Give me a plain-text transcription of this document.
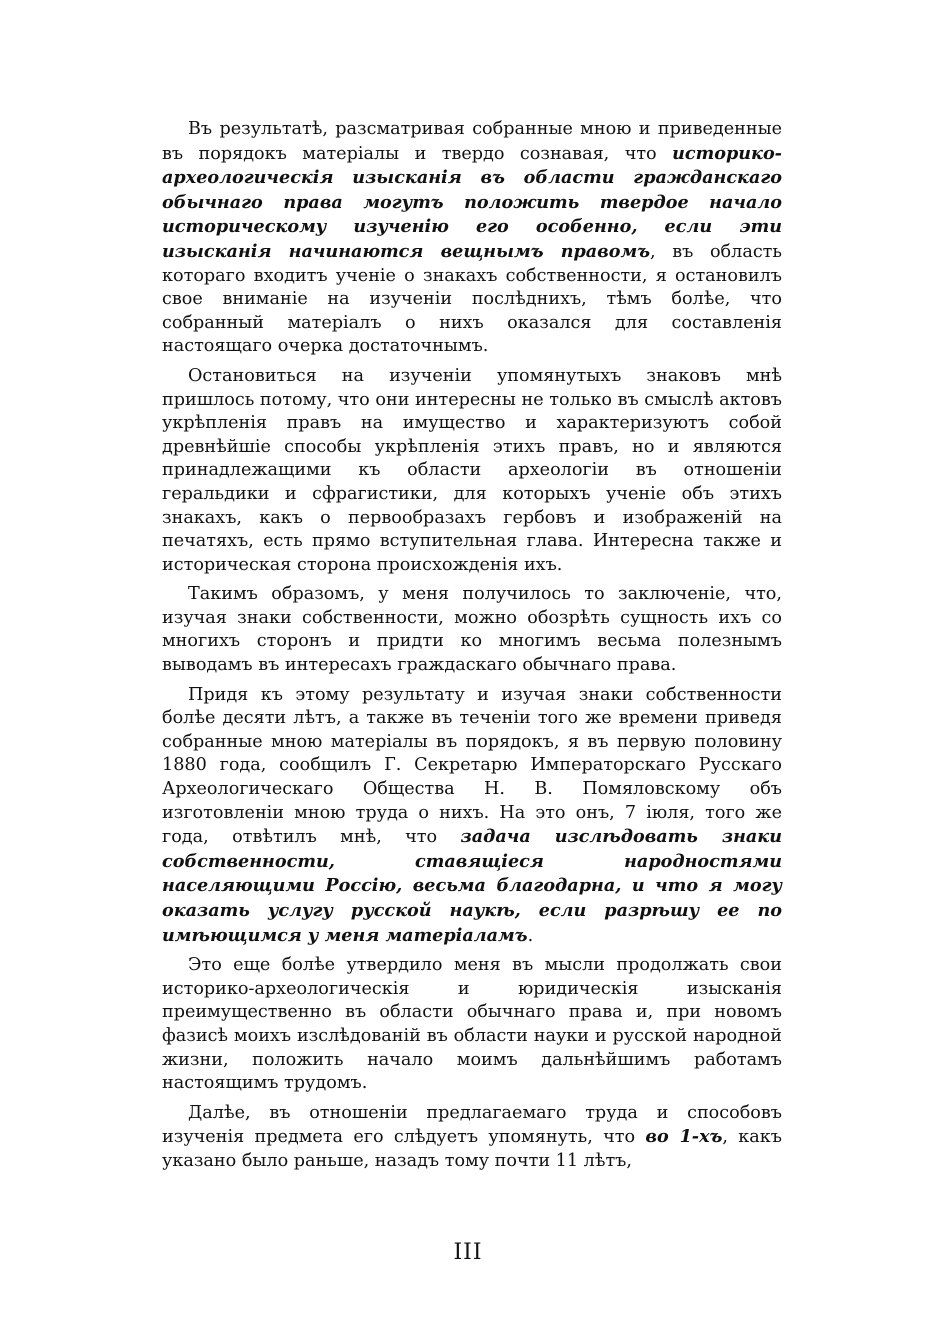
Въ результатѣ, разсматривая собранные мною и приведенные въ порядокъ матеріалы и твердо сознавая, что историко-археологическія изысканія въ области гражданскаго обычнаго права могутъ положить твердое начало историческому изученію его особенно, если эти изысканія начинаются вещнымъ правомъ, въ область котораго входитъ ученіе о знакахъ собственности, я остановилъ свое вниманіе на изученіи послѣднихъ, тѣмъ болѣе, что собранный матеріалъ о нихъ оказался для составленія настоящаго очерка достаточнымъ.

Остановиться на изученіи упомянутыхъ знаковъ мнѣ пришлось потому, что они интересны не только въ смыслѣ актовъ укрѣпленія правъ на имущество и характеризуютъ собой древнѣйшіе способы укрѣпленія этихъ правъ, но и являются принадлежащими къ области археологіи въ отношеніи геральдики и сфрагистики, для которыхъ ученіе объ этихъ знакахъ, какъ о первообразахъ гербовъ и изображеній на печатяхъ, есть прямо вступительная глава. Интересна также и историческая сторона происхожденія ихъ.

Такимъ образомъ, у меня получилось то заключеніе, что, изучая знаки собственности, можно обозрѣть сущность ихъ со многихъ сторонъ и придти ко многимъ весьма полезнымъ выводамъ въ интересахъ граждаскаго обычнаго права.

Придя къ этому результату и изучая знаки собственности болѣе десяти лѣтъ, а также въ теченіи того же времени приведя собранные мною матеріалы въ порядокъ, я въ первую половину 1880 года, сообщилъ Г. Секретарю Императорскаго Русскаго Археологическаго Общества Н. В. Помяловскому объ изготовленіи мною труда о нихъ. На это онъ, 7 іюля, того же года, отвѣтилъ мнѣ, что задача изслѣдовать знаки собственности, ставящіеся народностями населяющими Россію, весьма благодарна, и что я могу оказать услугу русской наукѣ, если разрѣшу ее по имѣющимся у меня матеріаламъ.

Это еще болѣе утвердило меня въ мысли продолжать свои историко-археологическія и юридическія изысканія преимущественно въ области обычнаго права и, при новомъ фазисѣ моихъ изслѣдованій въ области науки и русской народной жизни, положить начало моимъ дальнѣйшимъ работамъ настоящимъ трудомъ.

Далѣе, въ отношеніи предлагаемаго труда и способовъ изученія предмета его слѣдуетъ упомянуть, что во 1-хъ, какъ указано было раньше, назадъ тому почти 11 лѣтъ,

III
